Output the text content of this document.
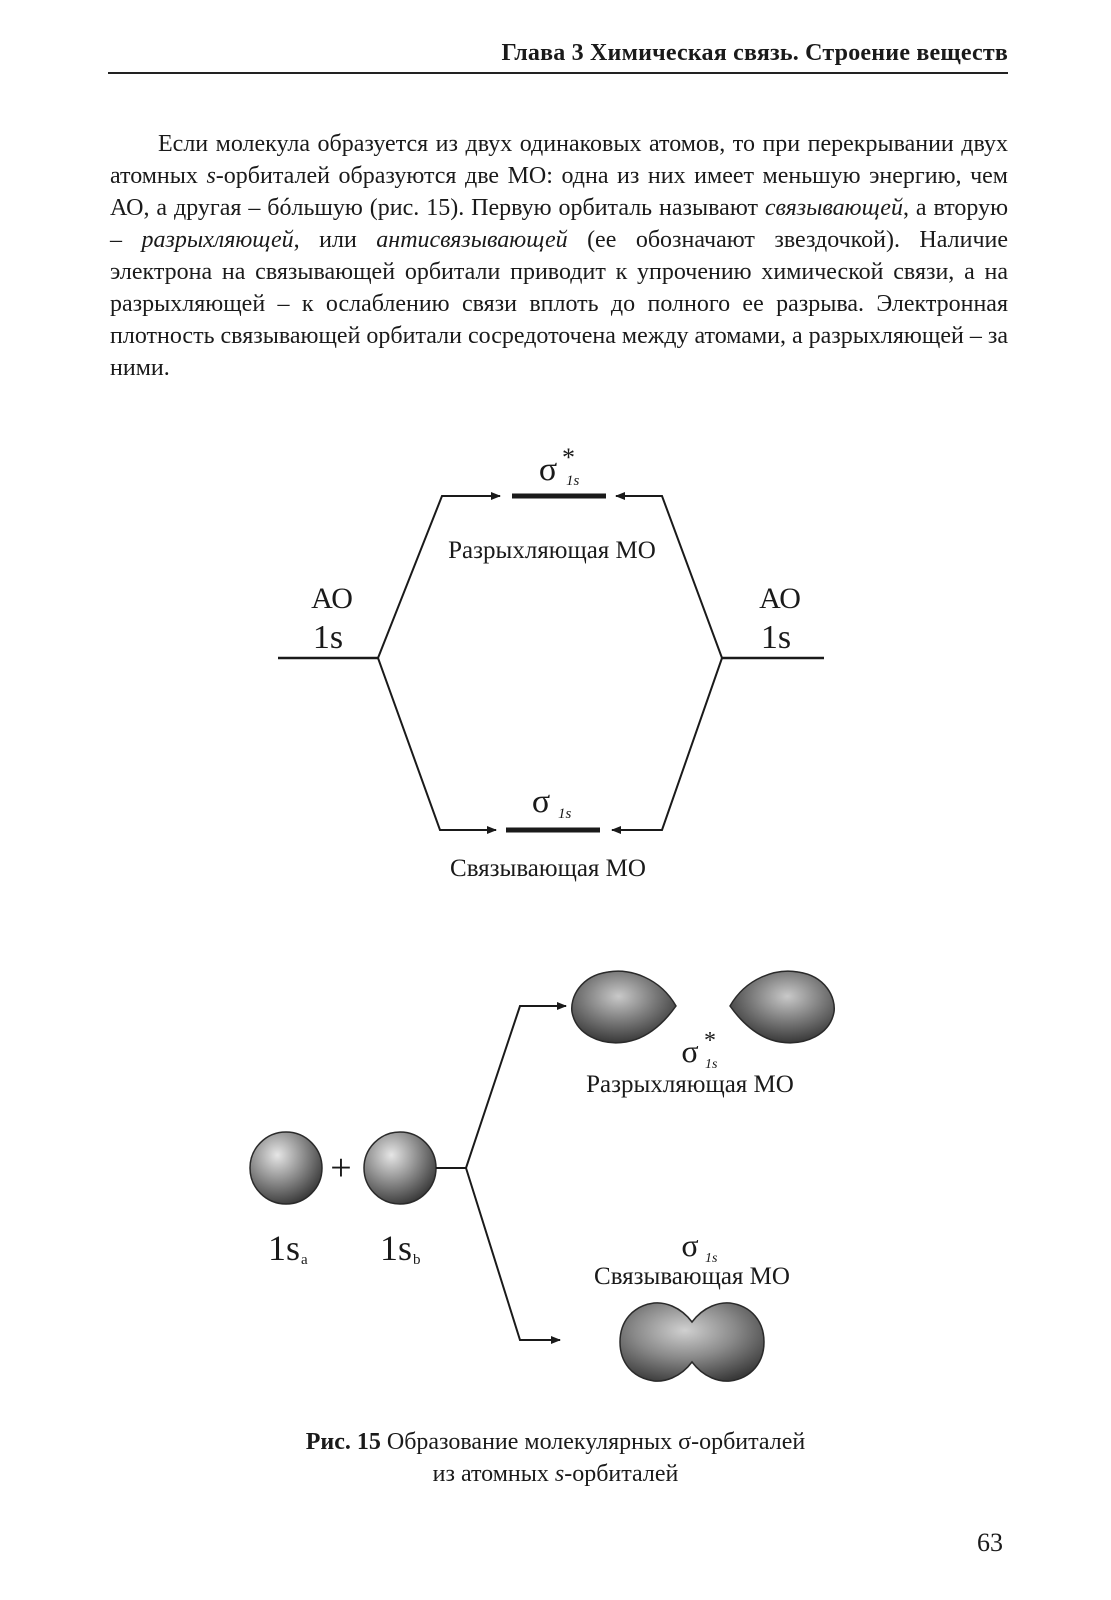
Глава 3 Химическая связь. Строение веществ

Если молекула образуется из двух одинаковых атомов, то при перекрывании двух атомных s-орбиталей образуются две МО: одна из них имеет меньшую энергию, чем АО, а другая – бóльшую (рис. 15). Первую орбиталь называют связывающей, а вторую – разрыхляющей, или антисвязывающей (ее обозначают звездочкой). Наличие электрона на связывающей орбитали приводит к упрочению химической связи, а на разрыхляющей – к ослаблению связи вплоть до полного ее разрыва. Электронная плотность связывающей орбитали сосредоточена между атомами, а разрыхляющей – за ними.

σ 1s
*
Разрыхляющая МО
АО
1s
АО
1s
σ 1s
Связывающая МО
+
1s a 1s b
σ 1s
*
Разрыхляющая МО
σ 1s
Связывающая МО
Рис. 15 Образование молекулярных σ-орбиталей
из атомных s-орбиталей
63
